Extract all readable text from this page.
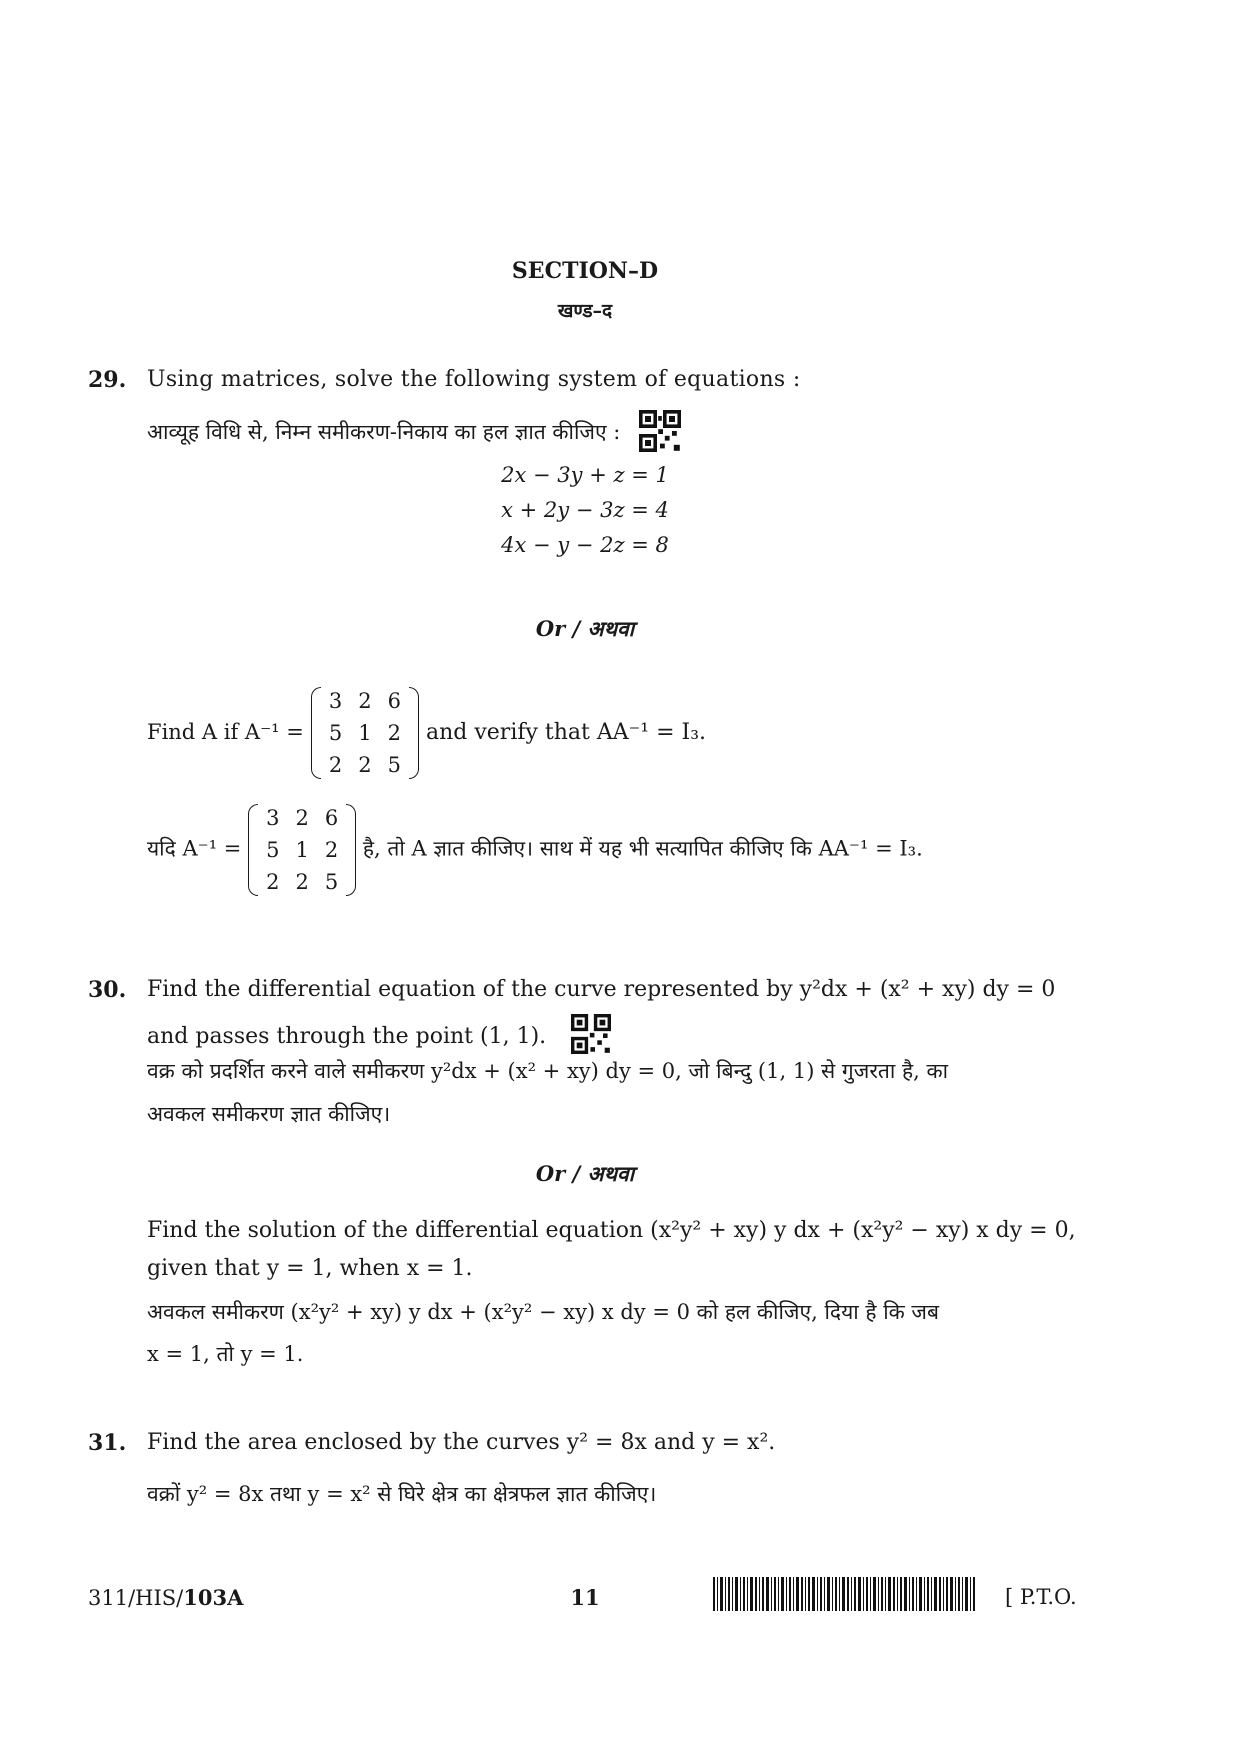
SECTION–D
खण्ड–द
29. Using matrices, solve the following system of equations :
आव्यूह विधि से, निम्न समीकरण-निकाय का हल ज्ञात कीजिए :
2x − 3y + z = 1
x + 2y − 3z = 4
4x − y − 2z = 8
Or / अथवा
Find A if A⁻¹ =
3	2	6
5	1	2
2	2	5
and verify that AA⁻¹ = I₃.
यदि A⁻¹ =
3	2	6
5	1	2
2	2	5
है, तो A ज्ञात कीजिए। साथ में यह भी सत्यापित कीजिए कि AA⁻¹ = I₃.
30. Find the differential equation of the curve represented by y²dx + (x² + xy) dy = 0
and passes through the point (1, 1).
वक्र को प्रदर्शित करने वाले समीकरण y²dx + (x² + xy) dy = 0, जो बिन्दु (1, 1) से गुजरता है, का
अवकल समीकरण ज्ञात कीजिए।
Or / अथवा
Find the solution of the differential equation (x²y² + xy) y dx + (x²y² − xy) x dy = 0,
given that y = 1, when x = 1.
अवकल समीकरण (x²y² + xy) y dx + (x²y² − xy) x dy = 0 को हल कीजिए, दिया है कि जब
x = 1, तो y = 1.
31. Find the area enclosed by the curves y² = 8x and y = x².
वक्रों y² = 8x तथा y = x² से घिरे क्षेत्र का क्षेत्रफल ज्ञात कीजिए।
311/HIS/103A	11	[ P.T.O.
